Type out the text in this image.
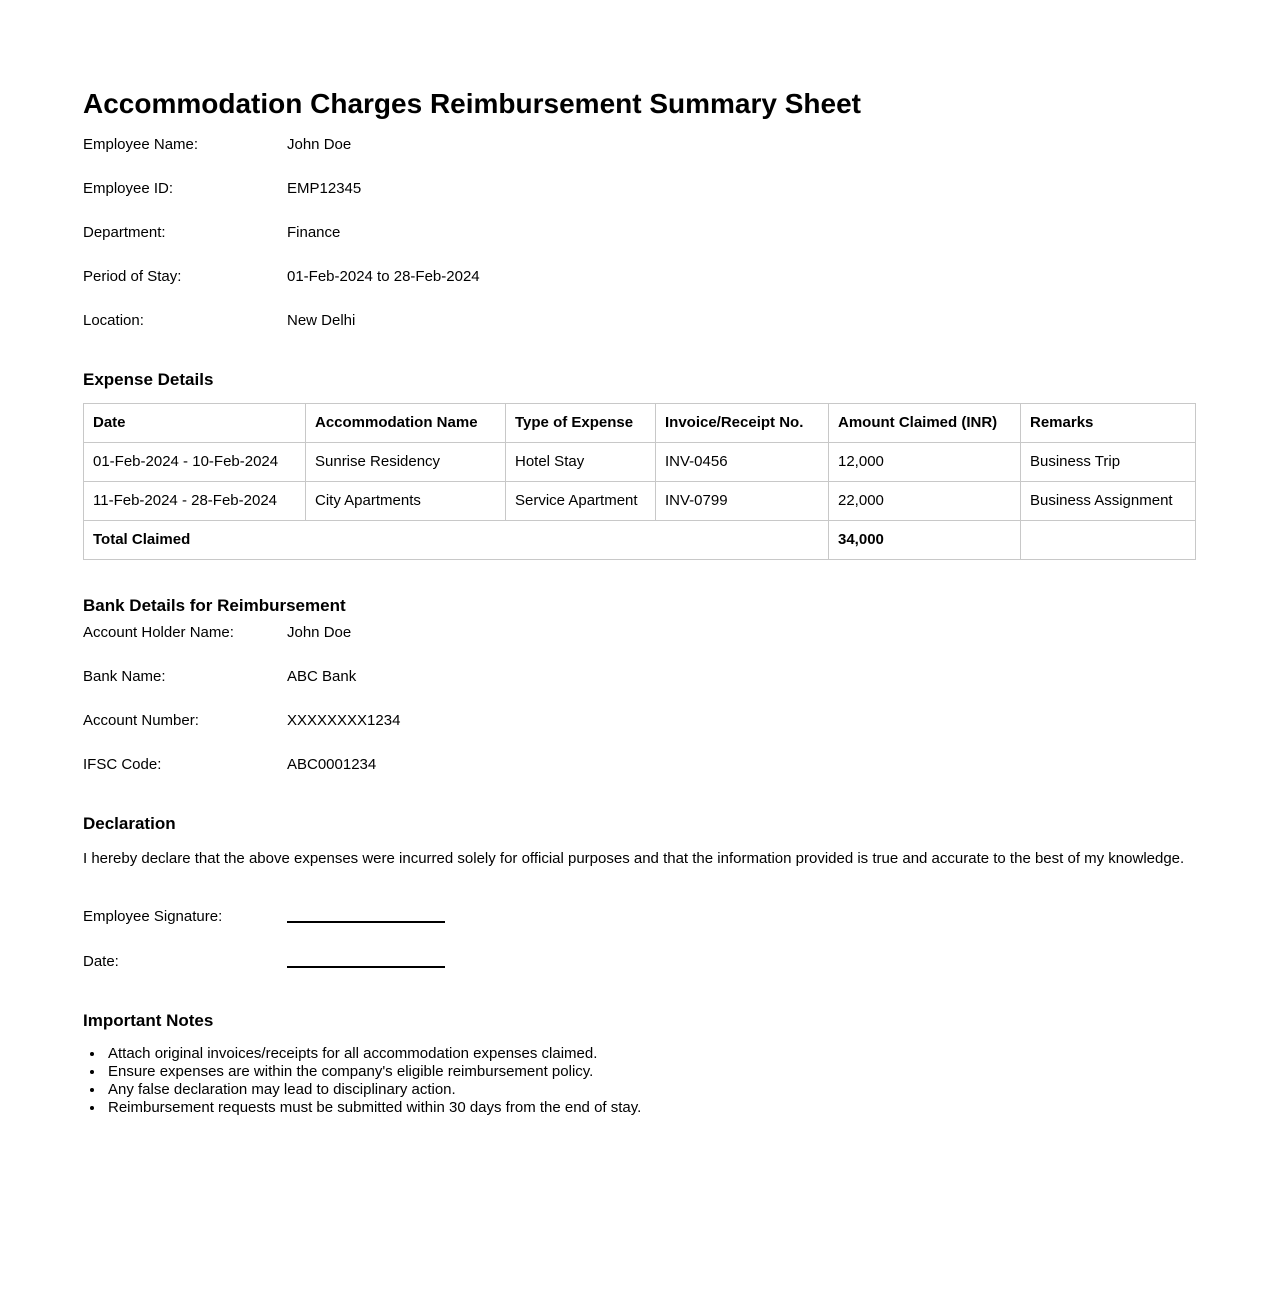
Accommodation Charges Reimbursement Summary Sheet
Employee Name:	John Doe
Employee ID:	EMP12345
Department:	Finance
Period of Stay:	01-Feb-2024 to 28-Feb-2024
Location:	New Delhi
Expense Details
Date	Accommodation Name	Type of Expense	Invoice/Receipt No.	Amount Claimed (INR)	Remarks
01-Feb-2024 - 10-Feb-2024	Sunrise Residency	Hotel Stay	INV-0456	12,000	Business Trip
11-Feb-2024 - 28-Feb-2024	City Apartments	Service Apartment	INV-0799	22,000	Business Assignment
Total Claimed				34,000	
Bank Details for Reimbursement
Account Holder Name:	John Doe
Bank Name:	ABC Bank
Account Number:	XXXXXXXX1234
IFSC Code:	ABC0001234
Declaration

I hereby declare that the above expenses were incurred solely for official purposes and that the information provided is true and accurate to the best of my knowledge.

Employee Signature:
Date:
Important Notes
• Attach original invoices/receipts for all accommodation expenses claimed.
• Ensure expenses are within the company's eligible reimbursement policy.
• Any false declaration may lead to disciplinary action.
• Reimbursement requests must be submitted within 30 days from the end of stay.
